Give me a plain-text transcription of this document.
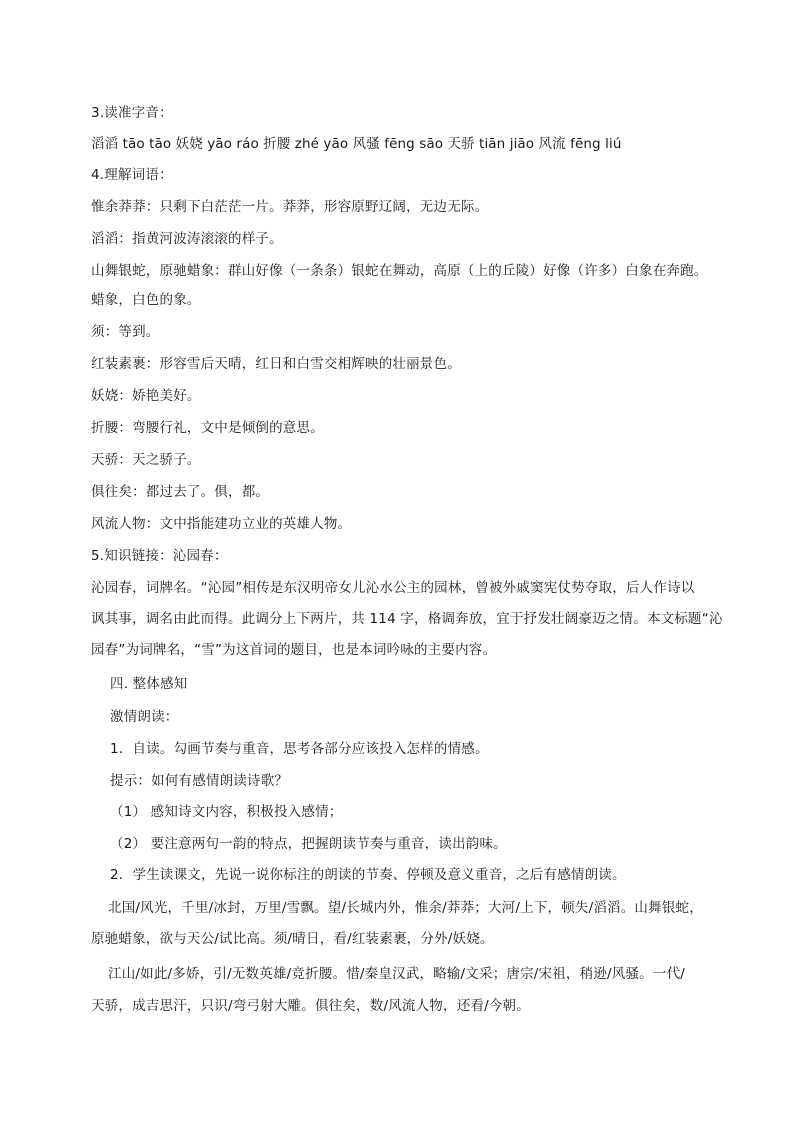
3.读准字音：
滔滔 tāo tāo 妖娆 yāo ráo 折腰 zhé yāo 风骚 fēng sāo 天骄 tiān jiāo 风流 fēng liú
4.理解词语：
惟余莽莽：只剩下白茫茫一片。莽莽，形容原野辽阔，无边无际。
滔滔：指黄河波涛滚滚的样子。
山舞银蛇，原驰蜡象：群山好像（一条条）银蛇在舞动，高原（上的丘陵）好像（许多）白象在奔跑。
蜡象，白色的象。
须：等到。
红装素裹：形容雪后天晴，红日和白雪交相辉映的壮丽景色。
妖娆：娇艳美好。
折腰：弯腰行礼，文中是倾倒的意思。
天骄：天之骄子。
俱往矣：都过去了。俱，都。
风流人物：文中指能建功立业的英雄人物。
5.知识链接：沁园春：
沁园春，词牌名。“沁园”相传是东汉明帝女儿沁水公主的园林，曾被外戚窦宪仗势夺取，后人作诗以
讽其事，调名由此而得。此调分上下两片，共 114 字，格调奔放，宜于抒发壮阔豪迈之情。本文标题“沁
园春”为词牌名，“雪”为这首词的题目，也是本词吟咏的主要内容。
四. 整体感知
激情朗读：
1．自读。勾画节奏与重音，思考各部分应该投入怎样的情感。
提示：如何有感情朗读诗歌？
（1） 感知诗文内容，积极投入感情；
（2） 要注意两句一韵的特点，把握朗读节奏与重音，读出韵味。
2．学生读课文，先说一说你标注的朗读的节奏、停顿及意义重音，之后有感情朗读。
北国/风光，千里/冰封，万里/雪飘。望/长城内外，惟余/莽莽；大河/上下，顿失/滔滔。山舞银蛇，
原驰蜡象，欲与天公/试比高。须/晴日，看/红装素裹，分外/妖娆。
江山/如此/多娇，引/无数英雄/竞折腰。惜/秦皇汉武，略输/文采；唐宗/宋祖，稍逊/风骚。一代/
天骄，成吉思汗，只识/弯弓射大雕。俱往矣，数/风流人物，还看/今朝。
